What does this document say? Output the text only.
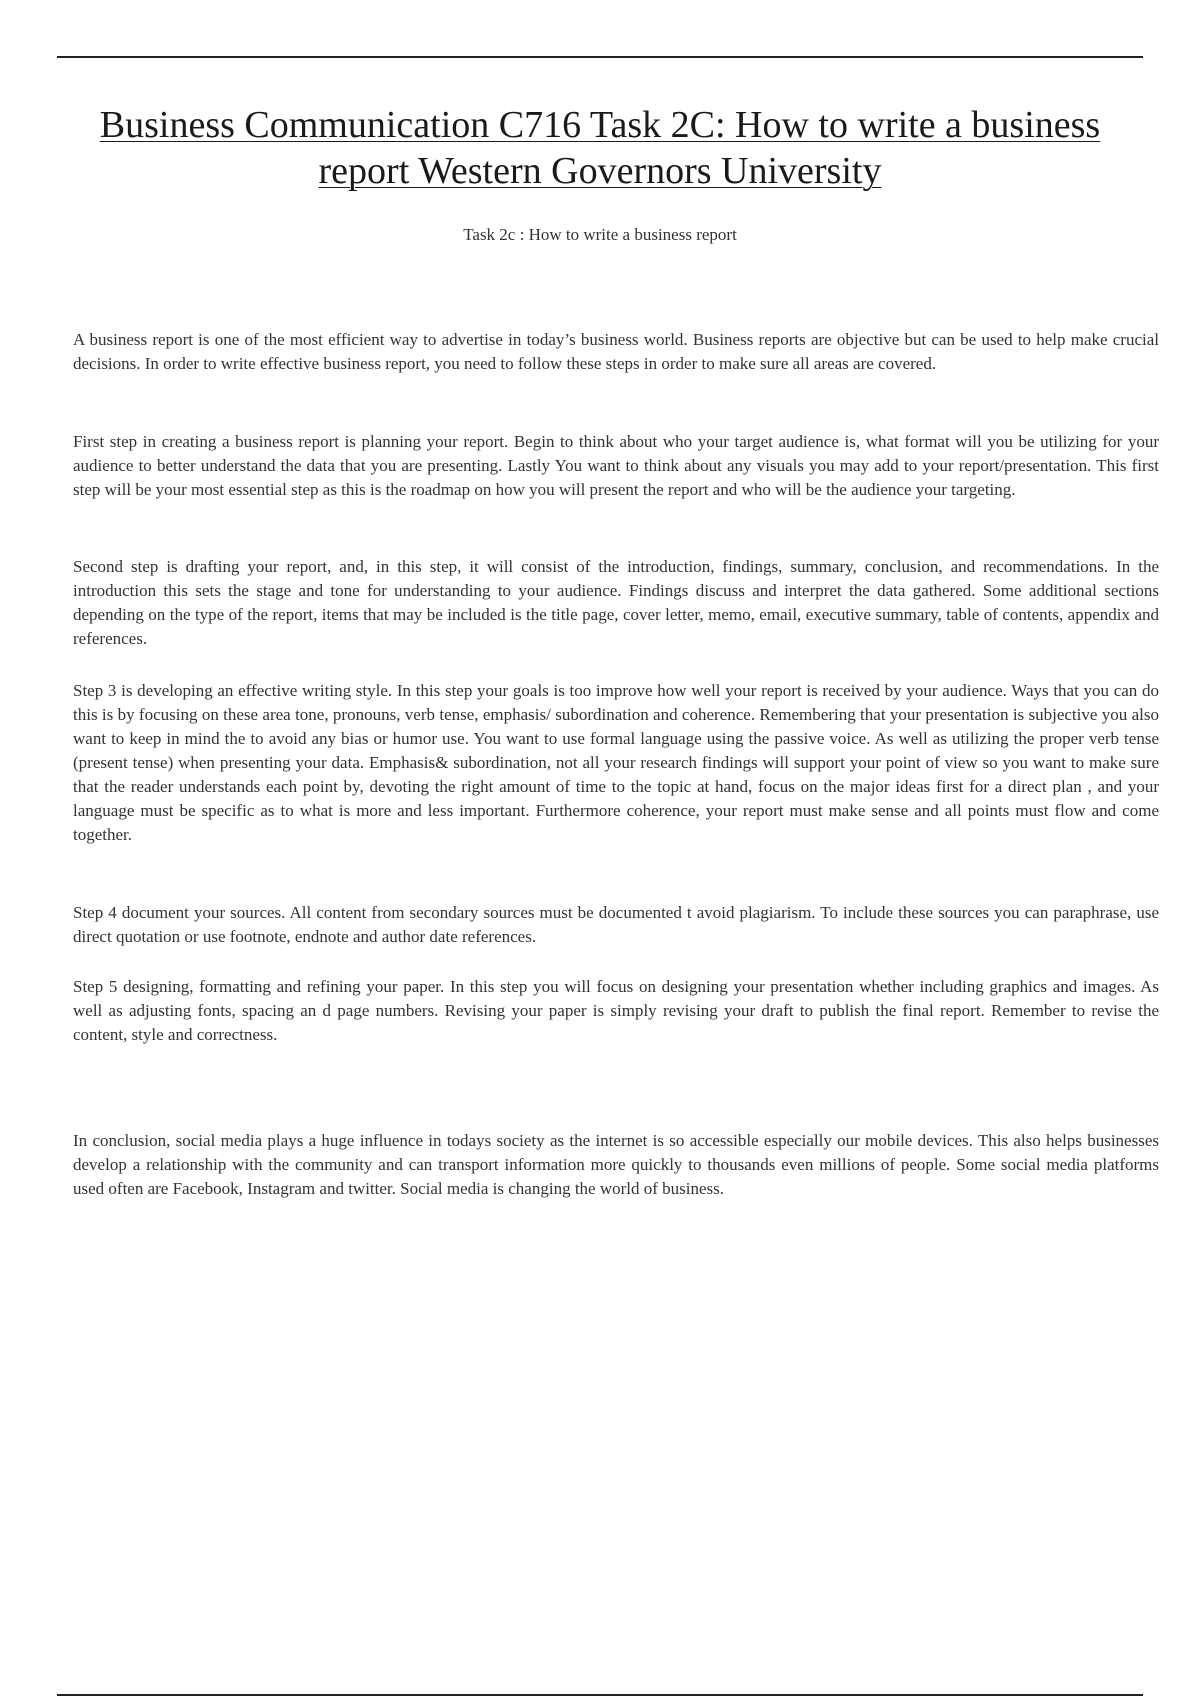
Business Communication C716 Task 2C: How to write a business report Western Governors University

Task 2c : How to write a business report

A business report is one of the most efficient way to advertise in today’s business world. Business reports are objective but can be used to help make crucial decisions. In order to write effective business report, you need to follow these steps in order to make sure all areas are covered.

First step in creating a business report is planning your report. Begin to think about who your target audience is, what format will you be utilizing for your audience to better understand the data that you are presenting. Lastly You want to think about any visuals you may add to your report/presentation. This first step will be your most essential step as this is the roadmap on how you will present the report and who will be the audience your targeting.

Second step is drafting your report, and, in this step, it will consist of the introduction, findings, summary, conclusion, and recommendations. In the introduction this sets the stage and tone for understanding to your audience. Findings discuss and interpret the data gathered. Some additional sections depending on the type of the report, items that may be included is the title page, cover letter, memo, email, executive summary, table of contents, appendix and references.

Step 3 is developing an effective writing style. In this step your goals is too improve how well your report is received by your audience. Ways that you can do this is by focusing on these area tone, pronouns, verb tense, emphasis/ subordination and coherence. Remembering that your presentation is subjective you also want to keep in mind the to avoid any bias or humor use. You want to use formal language using the passive voice. As well as utilizing the proper verb tense (present tense) when presenting your data. Emphasis& subordination, not all your research findings will support your point of view so you want to make sure that the reader understands each point by, devoting the right amount of time to the topic at hand, focus on the major ideas first for a direct plan , and your language must be specific as to what is more and less important. Furthermore coherence, your report must make sense and all points must flow and come together.

Step 4 document your sources. All content from secondary sources must be documented t avoid plagiarism. To include these sources you can paraphrase, use direct quotation or use footnote, endnote and author date references.

Step 5 designing, formatting and refining your paper. In this step you will focus on designing your presentation whether including graphics and images. As well as adjusting fonts, spacing an d page numbers. Revising your paper is simply revising your draft to publish the final report. Remember to revise the content, style and correctness.

In conclusion, social media plays a huge influence in todays society as the internet is so accessible especially our mobile devices. This also helps businesses develop a relationship with the community and can transport information more quickly to thousands even millions of people. Some social media platforms used often are Facebook, Instagram and twitter. Social media is changing the world of business.
